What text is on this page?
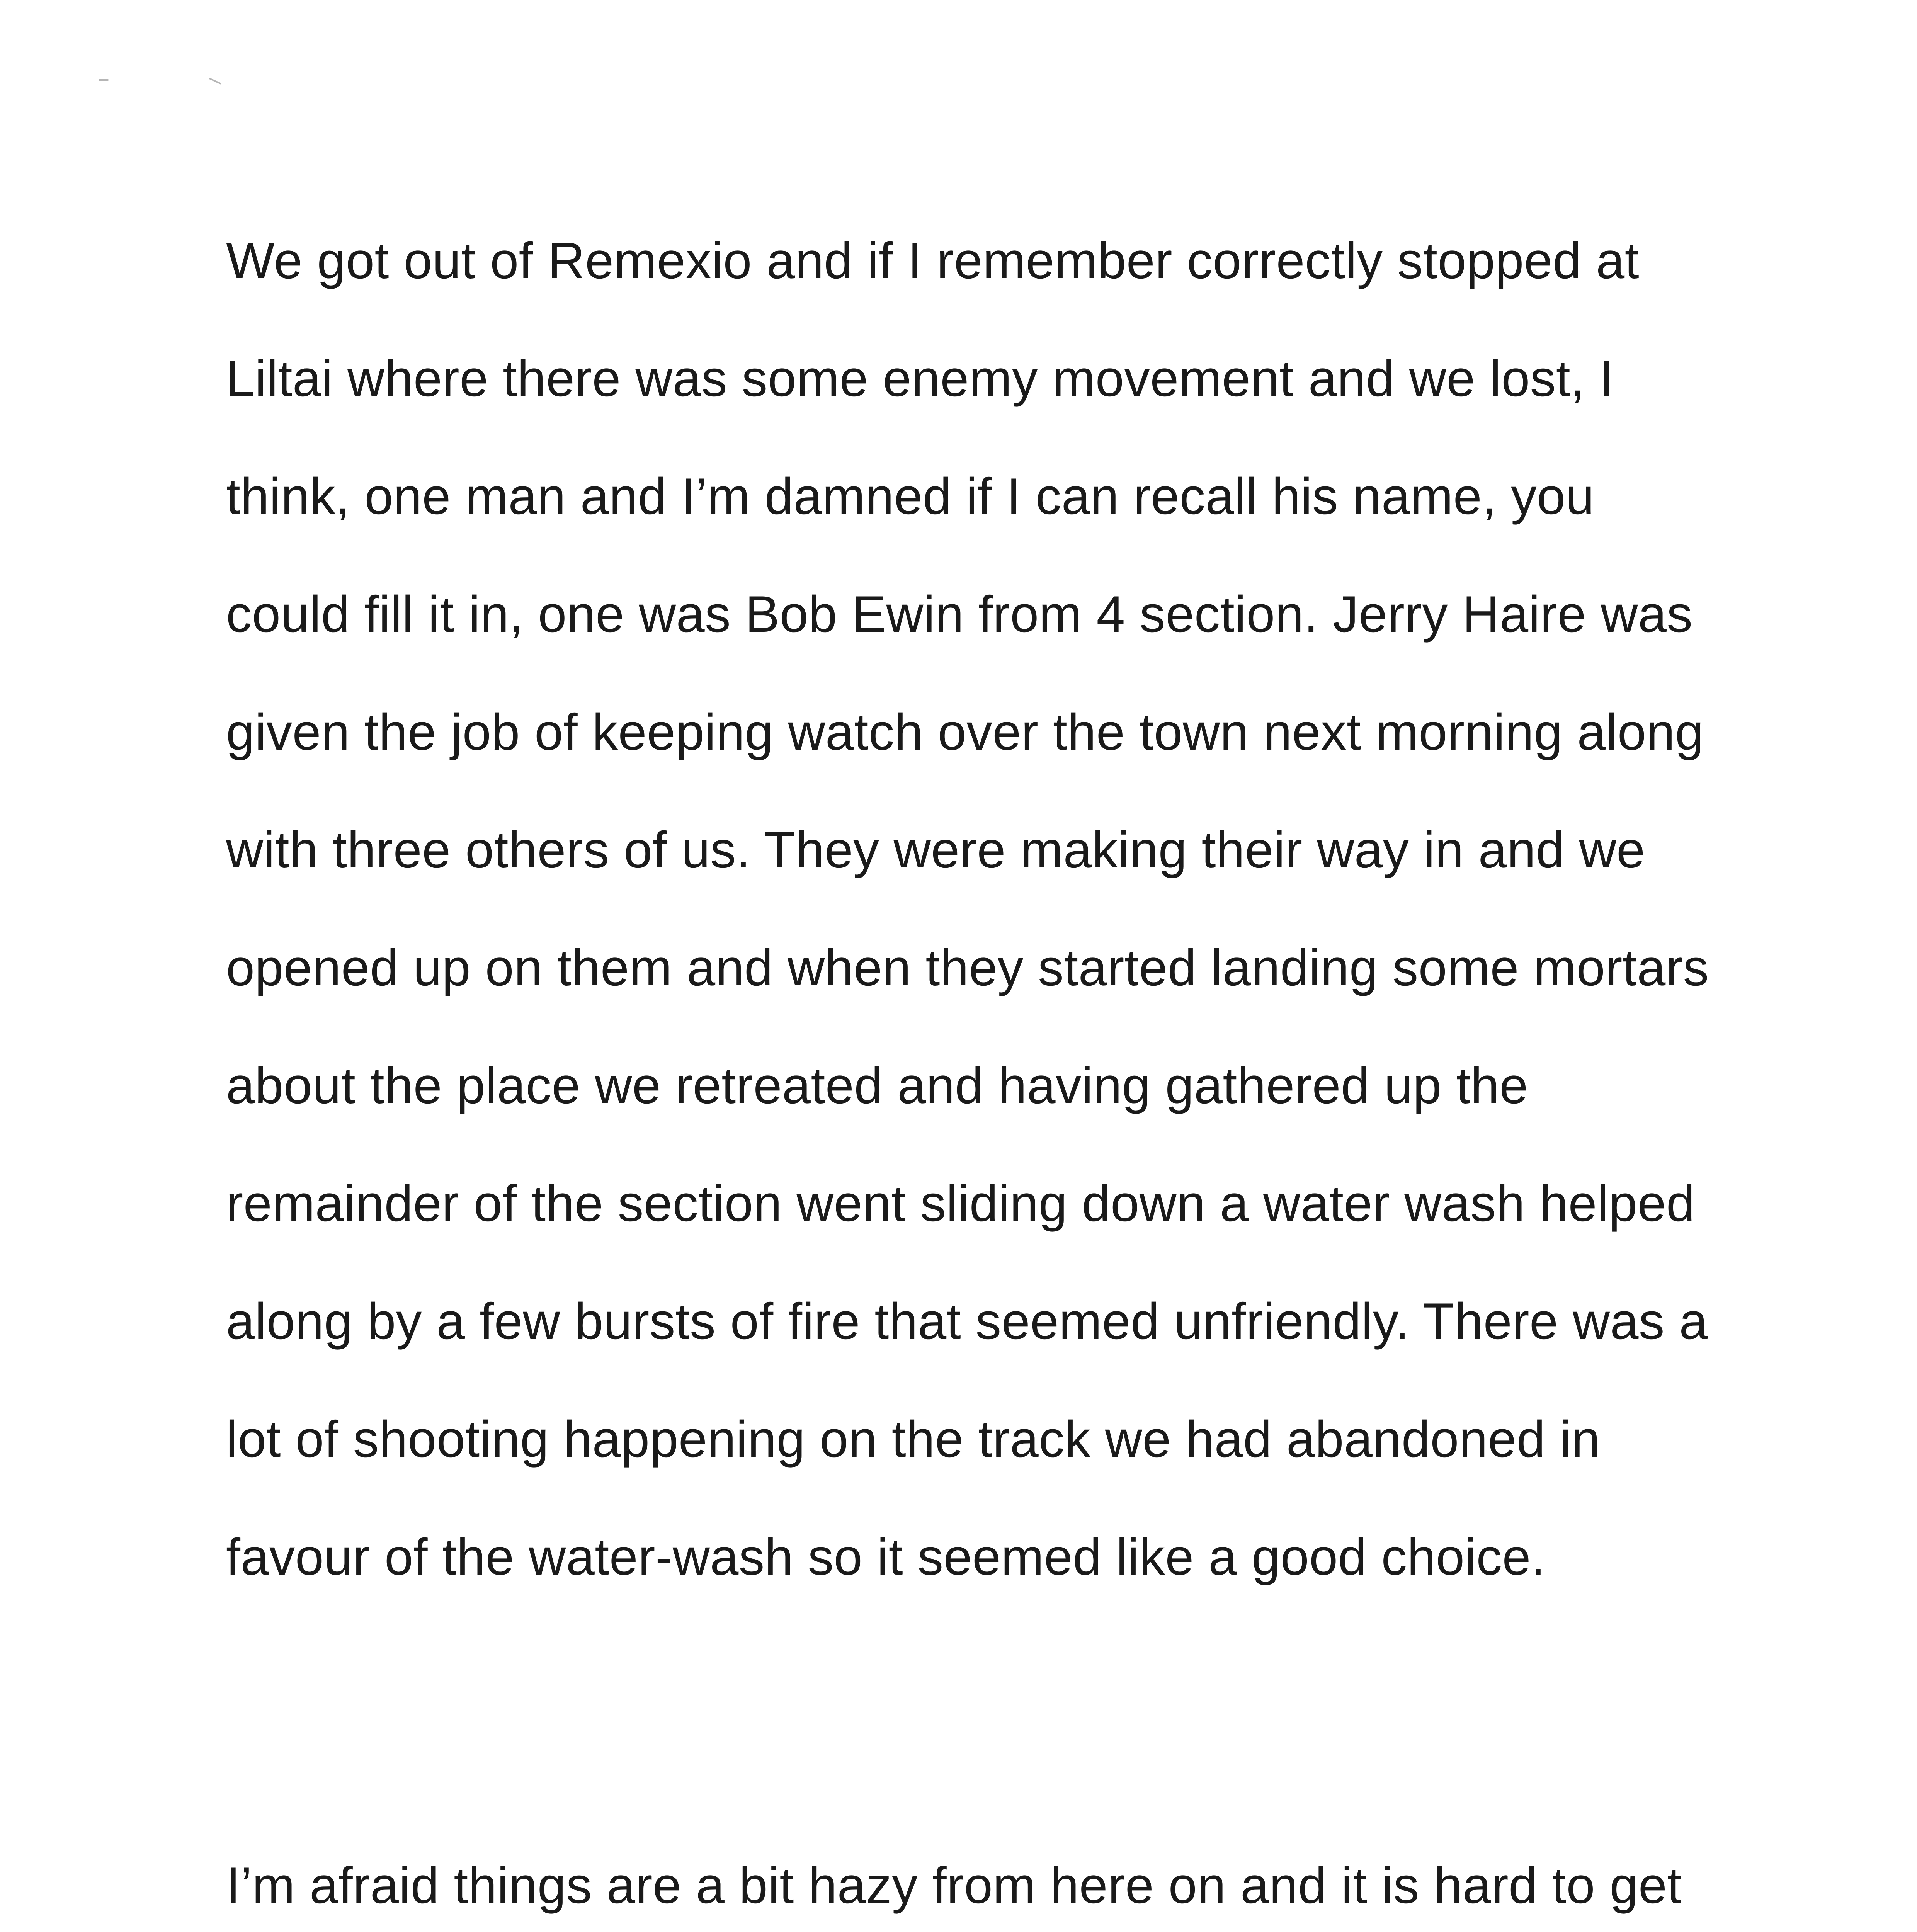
We got out of Remexio and if I remember correctly stopped at Liltai where there was some enemy movement and we lost, I think, one man and I’m damned if I can recall his name, you could fill it in, one was Bob Ewin from 4 section. Jerry Haire was given the job of keeping watch over the town next morning along with three others of us. They were making their way in and we opened up on them and when they started landing some mortars about the place we retreated and having gathered up the remainder of the section went sliding down a water wash helped along by a few bursts of fire that seemed unfriendly. There was a lot of shooting happening on the track we had abandoned in favour of the water-wash so it seemed like a good choice.

I’m afraid things are a bit hazy from here on and it is hard to get
